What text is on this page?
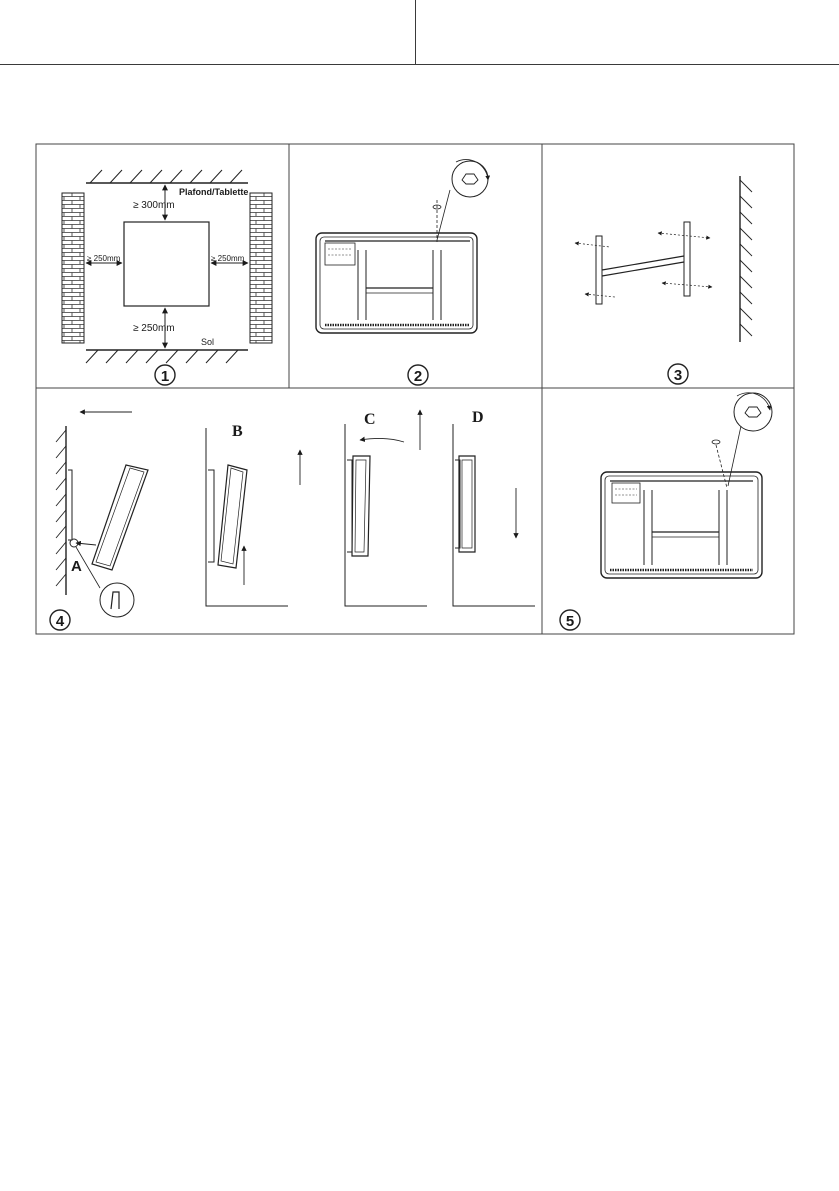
Plafond/Tablette
≥ 300mm
≥ 250mm	≥ 250mm
≥ 250mm
Sol
1	2	3
A
B
C	D
4	5
